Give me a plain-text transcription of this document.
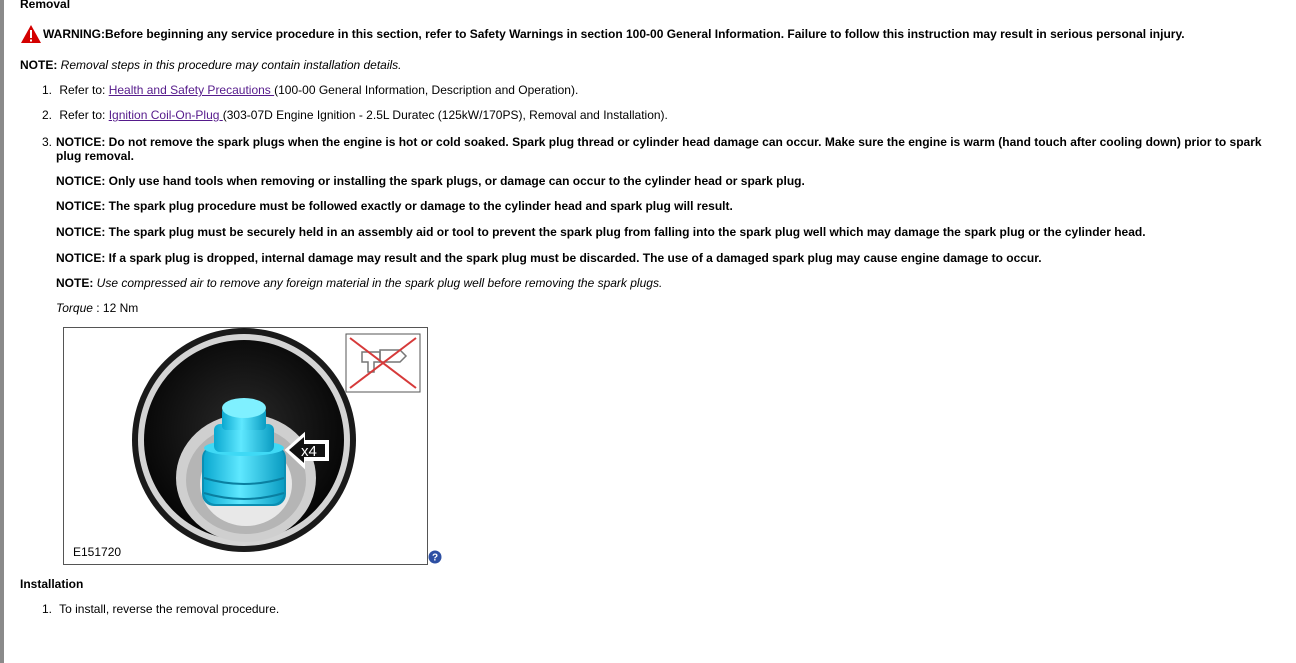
Removal
WARNING: Before beginning any service procedure in this section, refer to Safety Warnings in section 100-00 General Information. Failure to follow this instruction may result in serious personal injury.
NOTE: Removal steps in this procedure may contain installation details.
1. Refer to: Health and Safety Precautions (100-00 General Information, Description and Operation).
2. Refer to: Ignition Coil-On-Plug (303-07D Engine Ignition - 2.5L Duratec (125kW/170PS), Removal and Installation).
3. NOTICE: Do not remove the spark plugs when the engine is hot or cold soaked. Spark plug thread or cylinder head damage can occur. Make sure the engine is warm (hand touch after cooling down) prior to spark plug removal.
NOTICE: Only use hand tools when removing or installing the spark plugs, or damage can occur to the cylinder head or spark plug.
NOTICE: The spark plug procedure must be followed exactly or damage to the cylinder head and spark plug will result.
NOTICE: The spark plug must be securely held in an assembly aid or tool to prevent the spark plug from falling into the spark plug well which may damage the spark plug or the cylinder head.
NOTICE: If a spark plug is dropped, internal damage may result and the spark plug must be discarded. The use of a damaged spark plug may cause engine damage to occur.
NOTE: Use compressed air to remove any foreign material in the spark plug well before removing the spark plugs.
Torque : 12 Nm
x4
E151720	?
Installation
1. To install, reverse the removal procedure.
